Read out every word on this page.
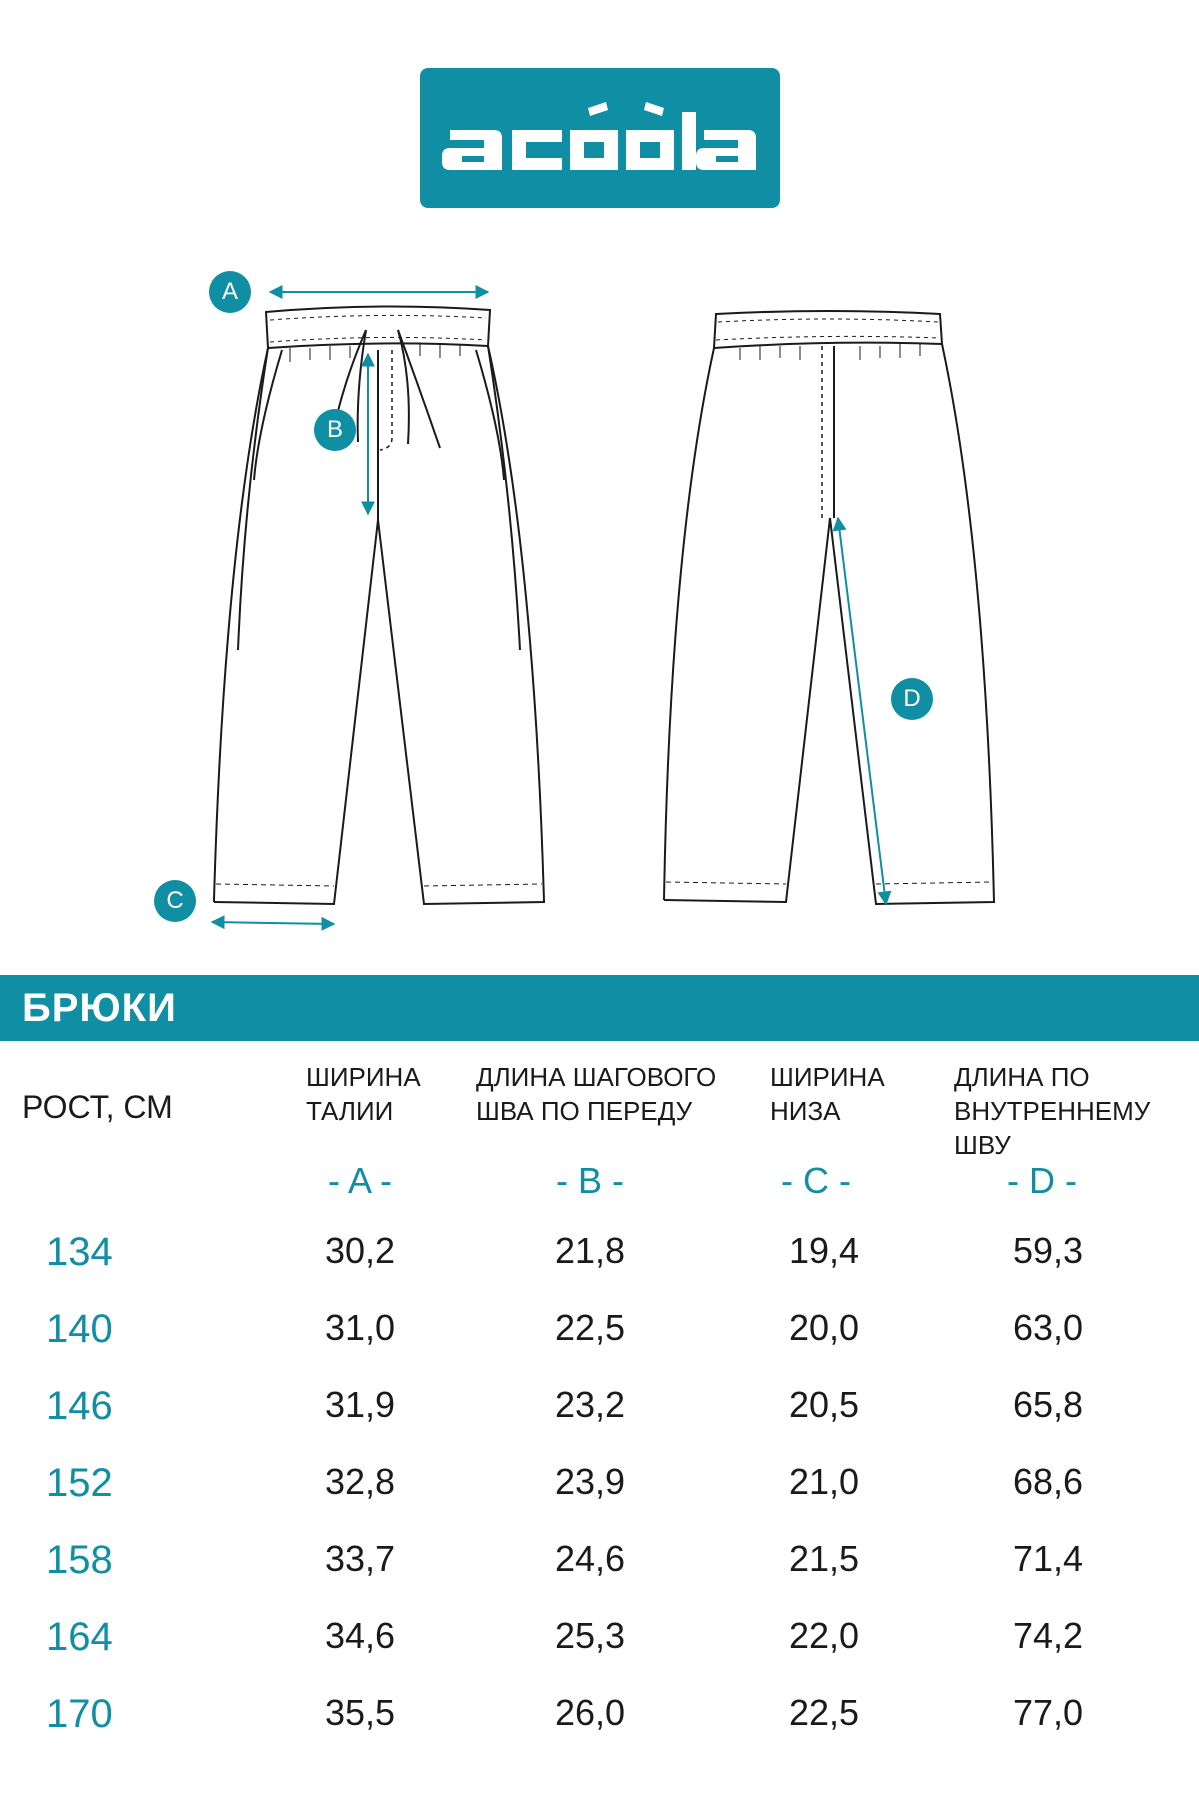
A
B
C
D
БРЮКИ
РОСТ, СМ
ШИРИНА
ТАЛИИ
ДЛИНА ШАГОВОГО
ШВА ПО ПЕРЕДУ
ШИРИНА
НИЗА
ДЛИНА ПО
ВНУТРЕННЕМУ ШВУ
- A -	- B -	- C -	- D -
134	30,2	21,8	19,4	59,3
140	31,0	22,5	20,0	63,0
146	31,9	23,2	20,5	65,8
152	32,8	23,9	21,0	68,6
158	33,7	24,6	21,5	71,4
164	34,6	25,3	22,0	74,2
170	35,5	26,0	22,5	77,0
